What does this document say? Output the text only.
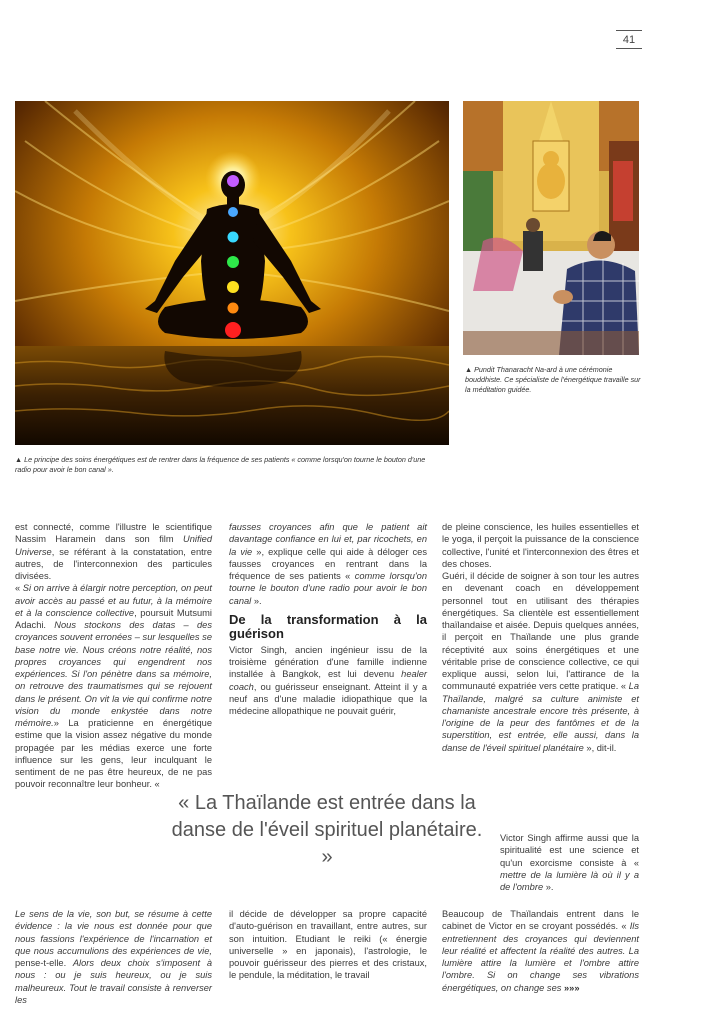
41
▲ Le principe des soins énergétiques est de rentrer dans la fréquence de ses patients « comme lorsqu'on tourne le bouton d'une radio pour avoir le bon canal ».
▲ Pundit Thanaracht Na-ard à une cérémonie bouddhiste. Ce spécialiste de l'énergétique travaille sur la méditation guidée.

est connecté, comme l'illustre le scientifique Nassim Haramein dans son film Unified Universe, se référant à la constatation, entre autres, de l'interconnexion des particules divisées.

« Si on arrive à élargir notre perception, on peut avoir accès au passé et au futur, à la mémoire et à la conscience collective, poursuit Mutsumi Adachi. Nous stockons des datas – des croyances souvent erronées – sur lesquelles se base notre vie. Nous créons notre réalité, nos propres croyances qui engendrent nos expériences. Si l'on pénètre dans sa mémoire, on retrouve des traumatismes qui se rejouent dans le présent. On vit la vie qui confirme notre vision du monde enkystée dans notre mémoire.» La praticienne en énergétique estime que la vision assez négative du monde propagée par les médias exerce une forte influence sur les gens, leur inculquant le sentiment de ne pas être heureux, de ne pas pouvoir reconnaître leur bonheur. «

Le sens de la vie, son but, se résume à cette évidence : la vie nous est donnée pour que nous fassions l'expérience de l'incarnation et que nous accumulions des expériences de vie, pense-t-elle. Alors deux choix s'imposent à nous : ou je suis heureux, ou je suis malheureux. Tout le travail consiste à renverser les

fausses croyances afin que le patient ait davantage confiance en lui et, par ricochets, en la vie », explique celle qui aide à déloger ces fausses croyances en rentrant dans la fréquence de ses patients « comme lorsqu'on tourne le bouton d'une radio pour avoir le bon canal ».

De la transformation à la guérison

Victor Singh, ancien ingénieur issu de la troisième génération d'une famille indienne installée à Bangkok, est lui devenu healer coach, ou guérisseur enseignant. Atteint il y a neuf ans d'une maladie idiopathique que la médecine allopathique ne pouvait guérir,

il décide de développer sa propre capacité d'auto-guérison en travaillant, entre autres, sur son intuition. Etudiant le reiki (« énergie universelle » en japonais), l'astrologie, le pouvoir guérisseur des pierres et des cristaux, le pendule, la méditation, le travail

de pleine conscience, les huiles essentielles et le yoga, il perçoit la puissance de la conscience collective, l'unité et l'interconnexion des êtres et des choses.

Guéri, il décide de soigner à son tour les autres en devenant coach en développement personnel tout en utilisant des thérapies énergétiques. Sa clientèle est essentiellement thaïlandaise et aisée. Depuis quelques années, il perçoit en Thaïlande une plus grande réceptivité aux soins énergétiques et une véritable prise de conscience collective, ce qui explique aussi, selon lui, l'attirance de la communauté expatriée vers cette pratique. « La Thaïlande, malgré sa culture animiste et chamaniste ancestrale encore très présente, à l'origine de la peur des fantômes et de la superstition, est entrée, elle aussi, dans la danse de l'éveil spirituel planétaire », dit-il.

Victor Singh affirme aussi que la spiritualité est une science et qu'un exorcisme consiste à « mettre de la lumière là où il y a de l'ombre ».

Beaucoup de Thaïlandais entrent dans le cabinet de Victor en se croyant possédés. « Ils entretiennent des croyances qui deviennent leur réalité et affectent la réalité des autres. La lumière attire la lumière et l'ombre attire l'ombre. Si on change ses vibrations énergétiques, on change ses »»»

« La Thaïlande est entrée dans la danse de l'éveil spirituel planétaire. »
